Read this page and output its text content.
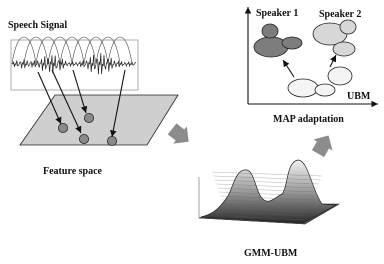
Speech Signal
Feature space
GMM-UBM
Speaker 1 Speaker 2
UBM
MAP adaptation
